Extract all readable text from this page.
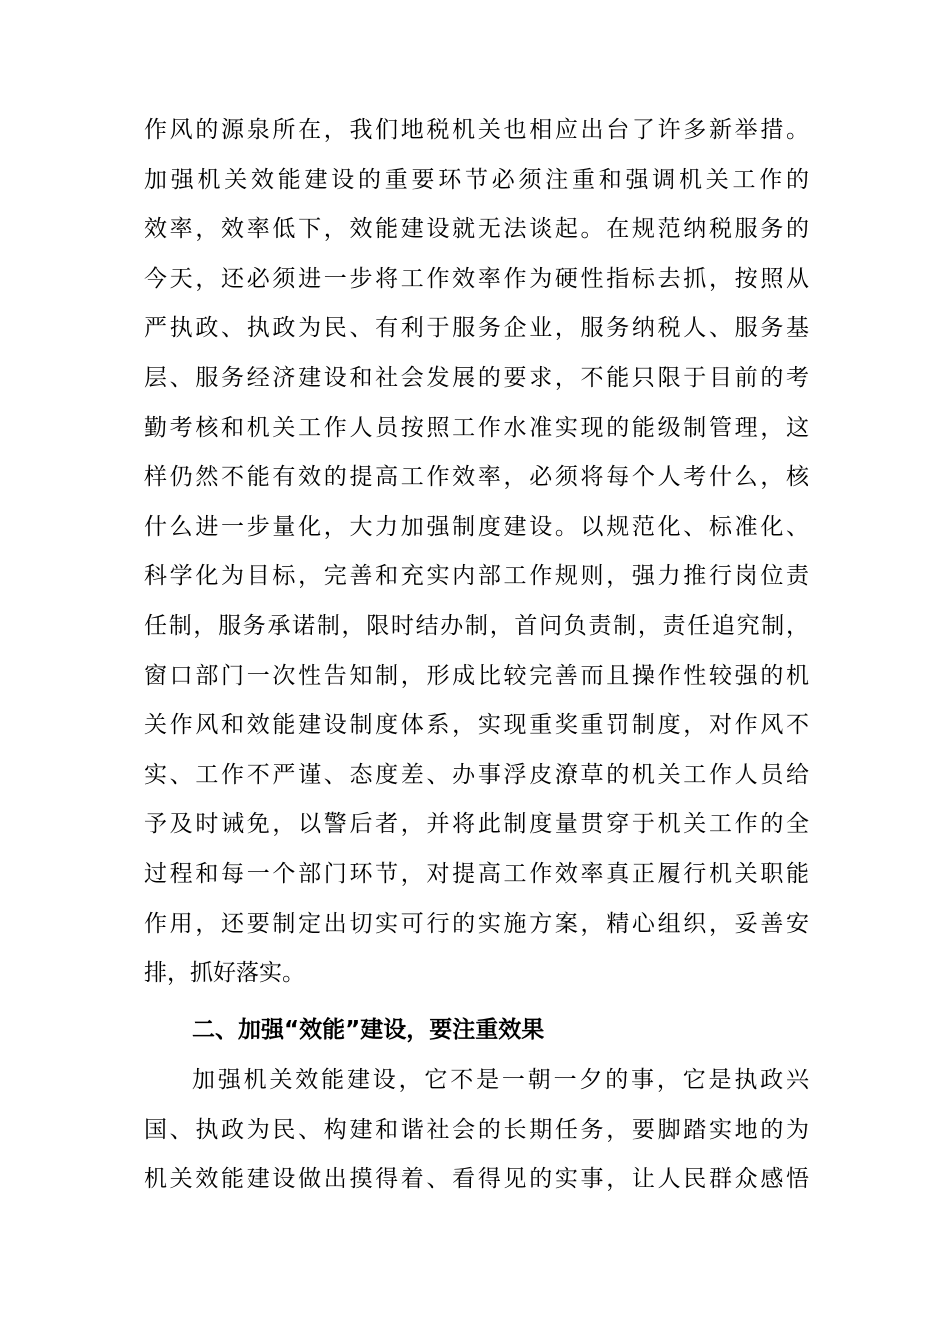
作风的源泉所在，我们地税机关也相应出台了许多新举措。
加强机关效能建设的重要环节必须注重和强调机关工作的
效率，效率低下，效能建设就无法谈起。在规范纳税服务的
今天，还必须进一步将工作效率作为硬性指标去抓，按照从
严执政、执政为民、有利于服务企业，服务纳税人、服务基
层、服务经济建设和社会发展的要求，不能只限于目前的考
勤考核和机关工作人员按照工作水准实现的能级制管理，这
样仍然不能有效的提高工作效率，必须将每个人考什么，核
什么进一步量化，大力加强制度建设。以规范化、标准化、
科学化为目标，完善和充实内部工作规则，强力推行岗位责
任制，服务承诺制，限时结办制，首问负责制，责任追究制，
窗口部门一次性告知制，形成比较完善而且操作性较强的机
关作风和效能建设制度体系，实现重奖重罚制度，对作风不
实、工作不严谨、态度差、办事浮皮潦草的机关工作人员给
予及时诫免，以警后者，并将此制度量贯穿于机关工作的全
过程和每一个部门环节，对提高工作效率真正履行机关职能
作用，还要制定出切实可行的实施方案，精心组织，妥善安
排，抓好落实。
二、加强“效能”建设，要注重效果
加强机关效能建设，它不是一朝一夕的事，它是执政兴
国、执政为民、构建和谐社会的长期任务，要脚踏实地的为
机关效能建设做出摸得着、看得见的实事，让人民群众感悟
